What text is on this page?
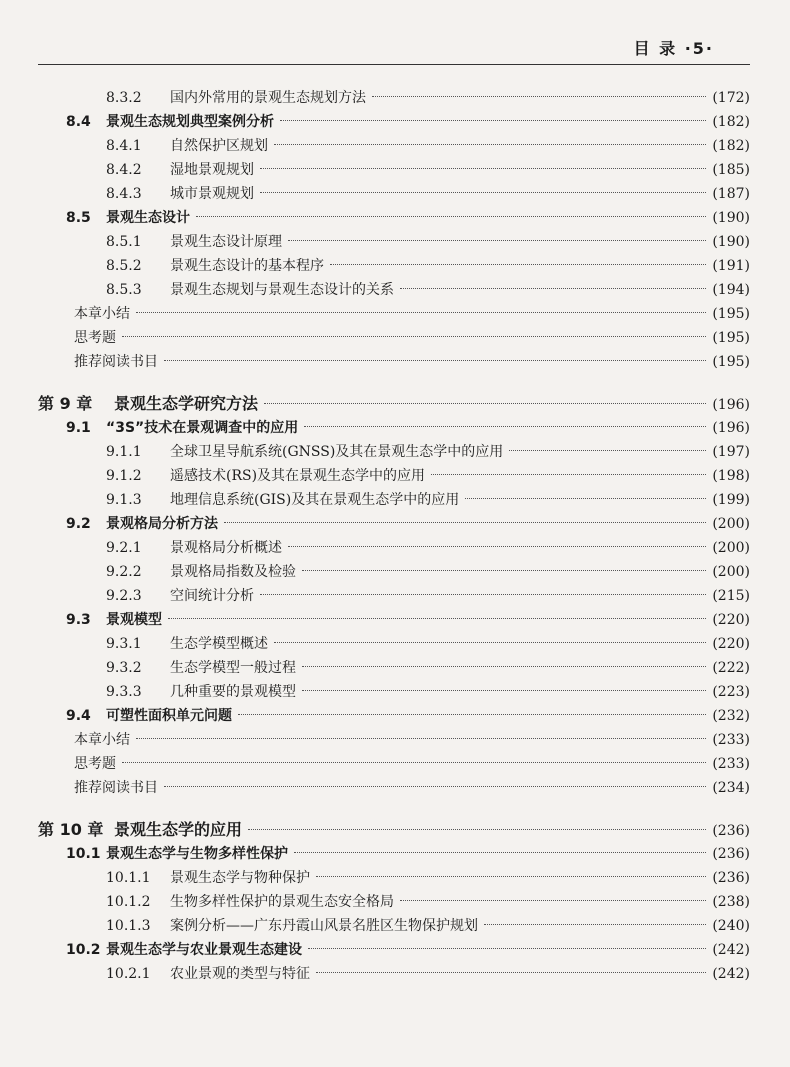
目 录 ·5·
8.3.2	国内外常用的景观生态规划方法	(172)
8.4	景观生态规划典型案例分析	(182)
8.4.1	自然保护区规划	(182)
8.4.2	湿地景观规划	(185)
8.4.3	城市景观规划	(187)
8.5	景观生态设计	(190)
8.5.1	景观生态设计原理	(190)
8.5.2	景观生态设计的基本程序	(191)
8.5.3	景观生态规划与景观生态设计的关系	(194)
本章小结	(195)
思考题	(195)
推荐阅读书目	(195)
第 9 章	景观生态学研究方法	(196)
9.1	“3S”技术在景观调查中的应用	(196)
9.1.1	全球卫星导航系统(GNSS)及其在景观生态学中的应用	(197)
9.1.2	遥感技术(RS)及其在景观生态学中的应用	(198)
9.1.3	地理信息系统(GIS)及其在景观生态学中的应用	(199)
9.2	景观格局分析方法	(200)
9.2.1	景观格局分析概述	(200)
9.2.2	景观格局指数及检验	(200)
9.2.3	空间统计分析	(215)
9.3	景观模型	(220)
9.3.1	生态学模型概述	(220)
9.3.2	生态学模型一般过程	(222)
9.3.3	几种重要的景观模型	(223)
9.4	可塑性面积单元问题	(232)
本章小结	(233)
思考题	(233)
推荐阅读书目	(234)
第 10 章 景观生态学的应用	(236)
10.1 景观生态学与生物多样性保护	(236)
10.1.1	景观生态学与物种保护	(236)
10.1.2	生物多样性保护的景观生态安全格局	(238)
10.1.3	案例分析——广东丹霞山风景名胜区生物保护规划	(240)
10.2 景观生态学与农业景观生态建设	(242)
10.2.1	农业景观的类型与特征	(242)
